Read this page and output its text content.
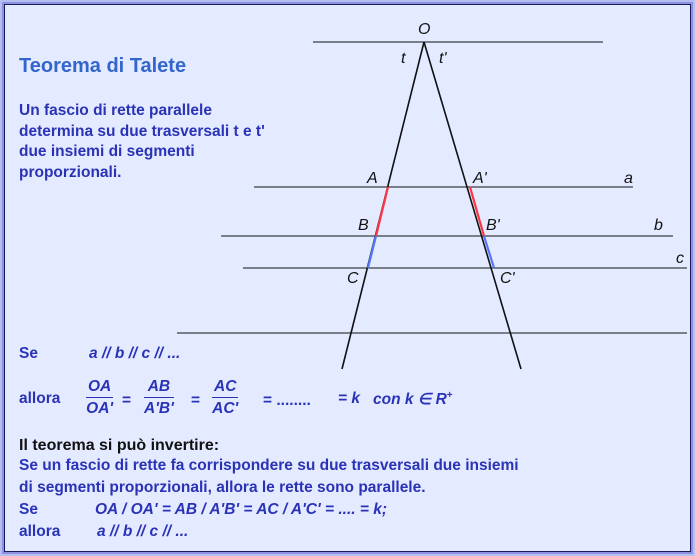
Teorema di Talete
Un fascio di rette parallele
determina su due trasversali t e t'
due insiemi di segmenti
proporzionali.
O
t t'
A	A'	a
B	B'	b
c
C	C'
Se	a // b // c // ...
allora $\frac{OA}{OA'} = \frac{AB}{A'B'} = \frac{AC}{AC'}$ = ........ = k con k ∈ R+
Il teorema si può invertire:
Se un fascio di rette fa corrispondere su due trasversali due insiemi
di segmenti proporzionali, allora le rette sono parallele.
Se	OA / OA' = AB / A'B' = AC / A'C' = .... = k;
allora a // b // c // ...
